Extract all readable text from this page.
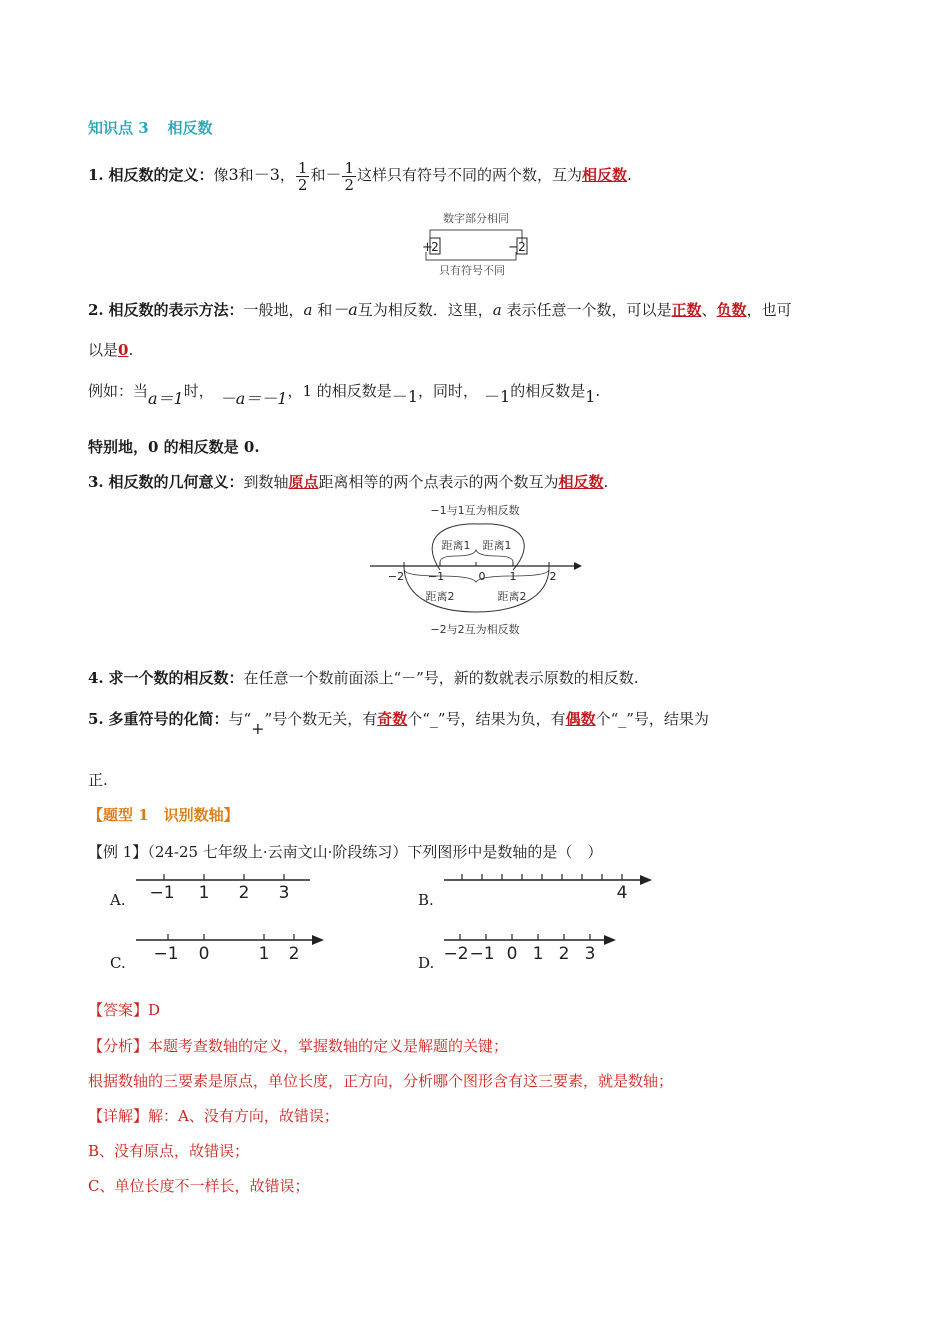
知识点 3 相反数
1. 相反数的定义：像3和－3， $\frac{1}{2}$ 和－ $\frac{1}{2}$ 这样只有符号不同的两个数，互为相反数.
数字部分相同
+
2	− 2
只有符号不同
2. 相反数的表示方法：一般地，a 和－a互为相反数．这里，a 表示任意一个数，可以是正数、负数，也可
以是0.
例如：当a＝1时， －a＝－1，1 的相反数是－1，同时， －1的相反数是1.
特别地，0 的相反数是 0.
3. 相反数的几何意义：到数轴原点距离相等的两个点表示的两个数互为相反数.
−1与1互为相反数
距离1 距离1
−2 −1	0 1	2
距离2	距离2
−2与2互为相反数
4. 求一个数的相反数：在任意一个数前面添上“－”号，新的数就表示原数的相反数.
5. 多重符号的化简：与“+”号个数无关，有奇数个“_”号，结果为负，有偶数个“_”号，结果为
正.
【题型 1　识别数轴】
【例 1】（24-25 七年级上·云南文山·阶段练习）下列图形中是数轴的是（　）
A. −1 1 2 3	B.	4
C. −1 0	1 2	D. −2 −1 0 1 2 3
【答案】D
【分析】本题考查数轴的定义，掌握数轴的定义是解题的关键；
根据数轴的三要素是原点，单位长度，正方向，分析哪个图形含有这三要素，就是数轴；
【详解】解：A、没有方向，故错误；
B、没有原点，故错误；
C、单位长度不一样长，故错误；
